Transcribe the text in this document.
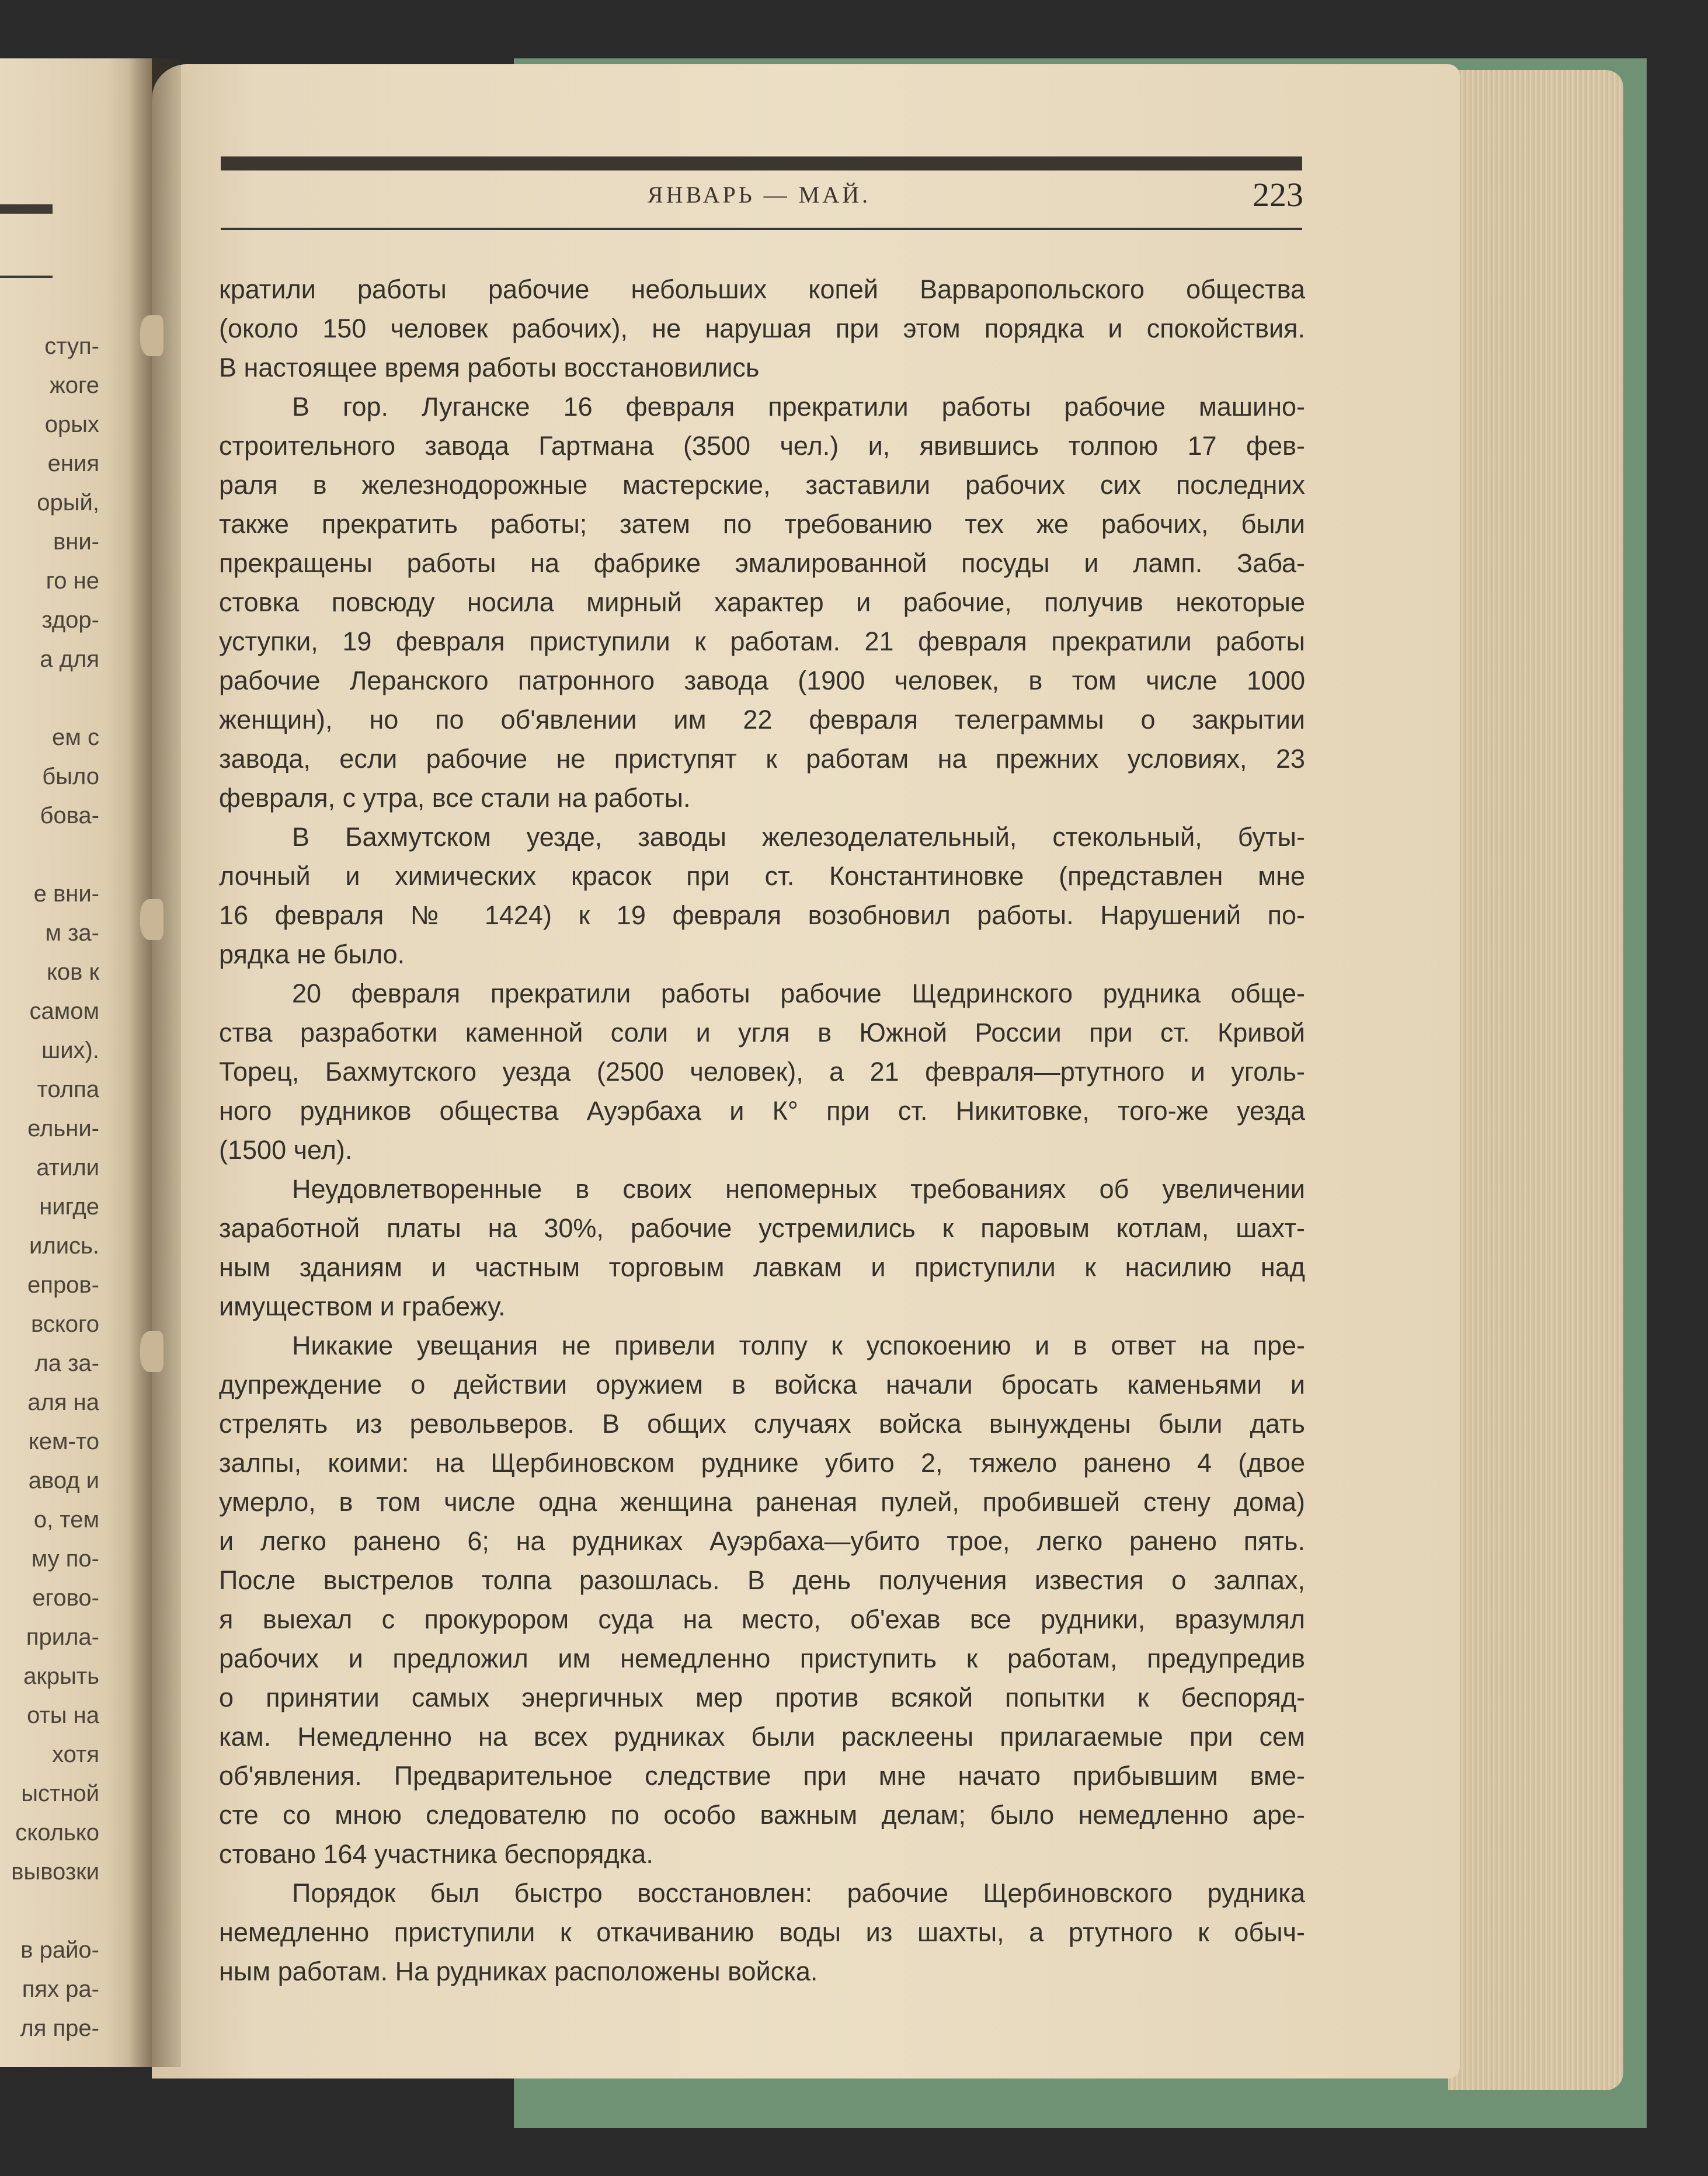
ступ-
жоге
орых
ения
орый,
вни-
го не
здор-
а для

ем с
было
бова-

е вни-
м за-
ков к
самом
ших).
толпа
ельни-
атили
нигде
ились.
епров-
вского
ла за-
аля на
кем-то
авод и
о, тем
му по-
егово-
прила-
акрыть
оты на
хотя
ыстной
сколько
вывозки

в райо-
пях ра-
ля пре-
ЯНВАРЬ — МАЙ.	223
кратили работы рабочие небольших копей Варваропольского общества
(около 150 человек рабочих), не нарушая при этом порядка и спокойствия.
В настоящее время работы восстановились
В гор. Луганске 16 февраля прекратили работы рабочие машино-
строительного завода Гартмана (3500 чел.) и, явившись толпою 17 фев-
раля в железнодорожные мастерские, заставили рабочих сих последних
также прекратить работы; затем по требованию тех же рабочих, были
прекращены работы на фабрике эмалированной посуды и ламп. Заба-
стовка повсюду носила мирный характер и рабочие, получив некоторые
уступки, 19 февраля приступили к работам. 21 февраля прекратили работы
рабочие Леранского патронного завода (1900 человек, в том числе 1000
женщин), но по об'явлении им 22 февраля телеграммы о закрытии
завода, если рабочие не приступят к работам на прежних условиях, 23
февраля, с утра, все стали на работы.
В Бахмутском уезде, заводы железоделательный, стекольный, буты-
лочный и химических красок при ст. Константиновке (представлен мне
16 февраля № 1424) к 19 февраля возобновил работы. Нарушений по-
рядка не было.
20 февраля прекратили работы рабочие Щедринского рудника обще-
ства разработки каменной соли и угля в Южной России при ст. Кривой
Торец, Бахмутского уезда (2500 человек), а 21 февраля—ртутного и уголь-
ного рудников общества Ауэрбаха и К° при ст. Никитовке, того-же уезда
(1500 чел).
Неудовлетворенные в своих непомерных требованиях об увеличении
заработной платы на 30%, рабочие устремились к паровым котлам, шахт-
ным зданиям и частным торговым лавкам и приступили к насилию над
имуществом и грабежу.
Никакие увещания не привели толпу к успокоению и в ответ на пре-
дупреждение о действии оружием в войска начали бросать каменьями и
стрелять из револьверов. В общих случаях войска вынуждены были дать
залпы, коими: на Щербиновском руднике убито 2, тяжело ранено 4 (двое
умерло, в том числе одна женщина раненая пулей, пробившей стену дома)
и легко ранено 6; на рудниках Ауэрбаха—убито трое, легко ранено пять.
После выстрелов толпа разошлась. В день получения известия о залпах,
я выехал с прокурором суда на место, об'ехав все рудники, вразумлял
рабочих и предложил им немедленно приступить к работам, предупредив
о принятии самых энергичных мер против всякой попытки к беспоряд-
кам. Немедленно на всех рудниках были расклеены прилагаемые при сем
об'явления. Предварительное следствие при мне начато прибывшим вме-
сте со мною следователю по особо важным делам; было немедленно аре-
стовано 164 участника беспорядка.
Порядок был быстро восстановлен: рабочие Щербиновского рудника
немедленно приступили к откачиванию воды из шахты, а ртутного к обыч-
ным работам. На рудниках расположены войска.
